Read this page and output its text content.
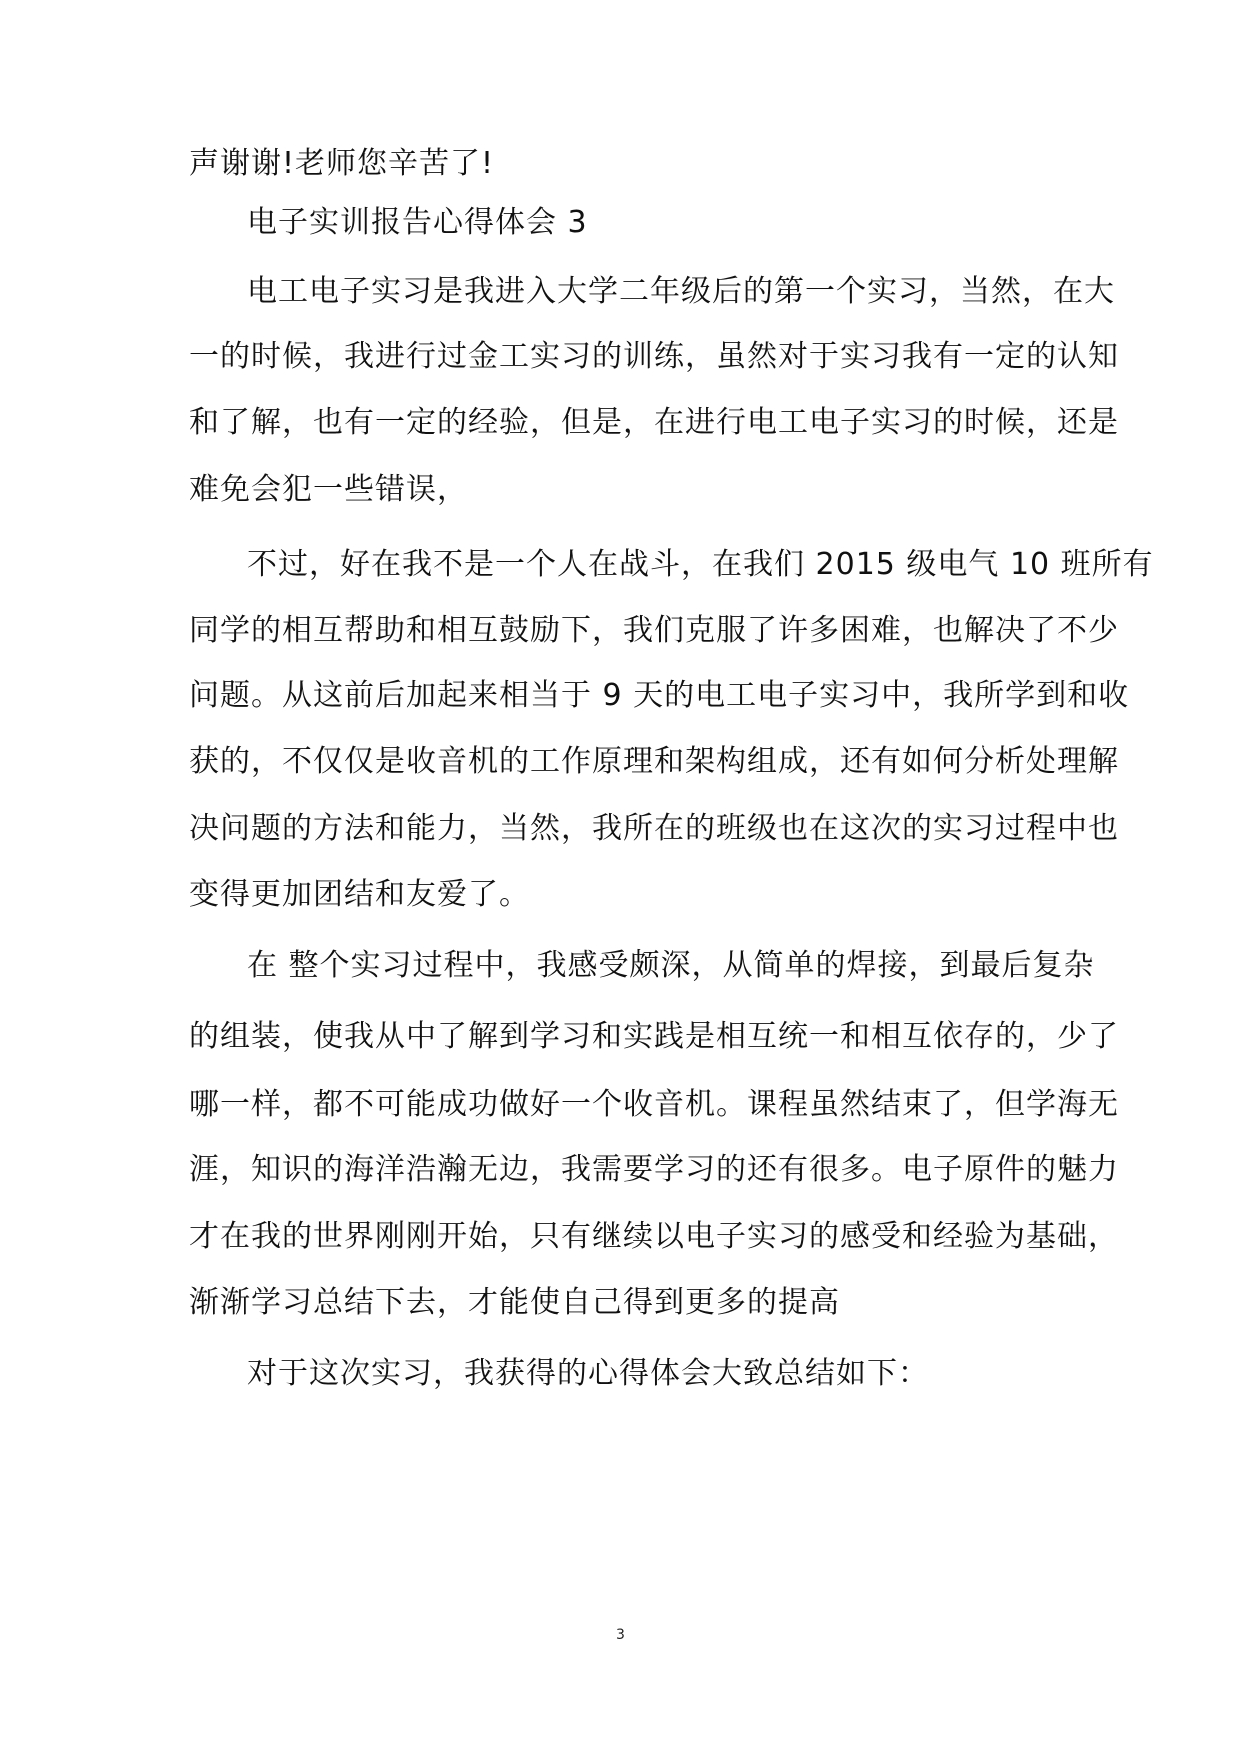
声谢谢!老师您辛苦了!
电子实训报告心得体会 3
电工电子实习是我进入大学二年级后的第一个实习，当然，在大
一的时候，我进行过金工实习的训练，虽然对于实习我有一定的认知
和了解，也有一定的经验，但是，在进行电工电子实习的时候，还是
难免会犯一些错误，
不过，好在我不是一个人在战斗，在我们 2015 级电气 10 班所有
同学的相互帮助和相互鼓励下，我们克服了许多困难，也解决了不少
问题。从这前后加起来相当于 9 天的电工电子实习中，我所学到和收
获的，不仅仅是收音机的工作原理和架构组成，还有如何分析处理解
决问题的方法和能力，当然，我所在的班级也在这次的实习过程中也
变得更加团结和友爱了。
在 整个实习过程中，我感受颇深，从简单的焊接，到最后复杂
的组装，使我从中了解到学习和实践是相互统一和相互依存的，少了
哪一样，都不可能成功做好一个收音机。课程虽然结束了，但学海无
涯，知识的海洋浩瀚无边，我需要学习的还有很多。电子原件的魅力
才在我的世界刚刚开始，只有继续以电子实习的感受和经验为基础，
渐渐学习总结下去，才能使自己得到更多的提高
对于这次实习，我获得的心得体会大致总结如下：
3
